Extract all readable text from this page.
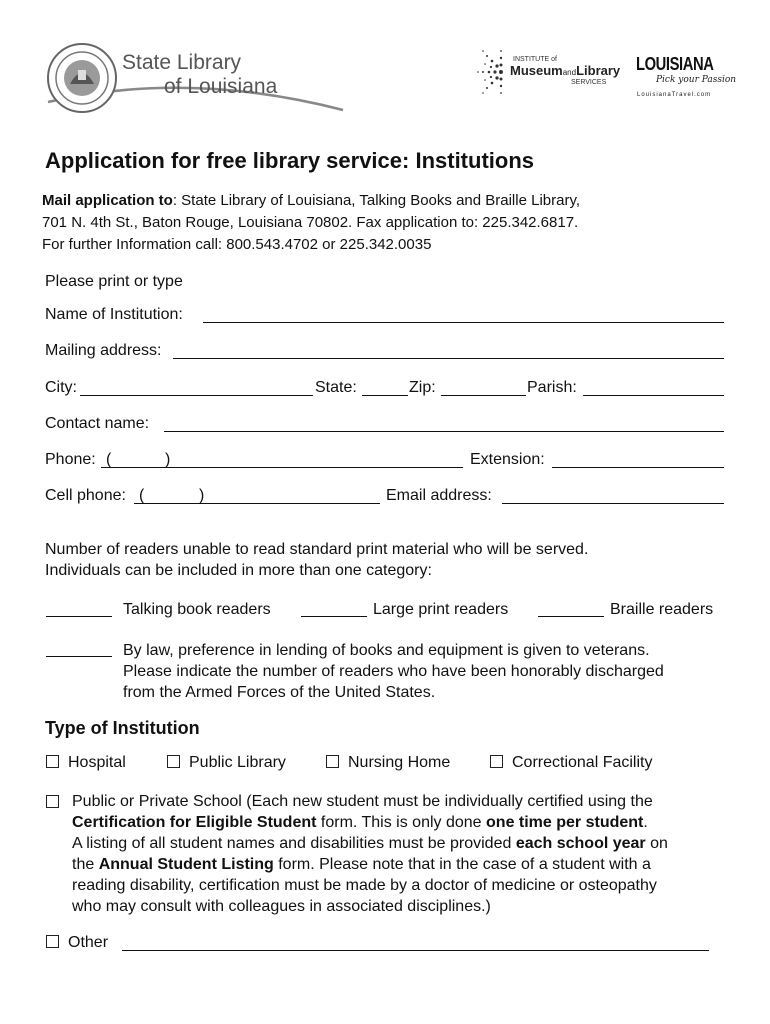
State Library
of Louisiana
INSTITUTE of
MuseumandLibrary
SERVICES
LOUISIANA
Pick your Passion
LouisianaTravel.com
Application for free library service: Institutions
Mail application to: State Library of Louisiana, Talking Books and Braille Library,
701 N. 4th St., Baton Rouge, Louisiana 70802. Fax application to: 225.342.6817.
For further Information call: 800.543.4702 or 225.342.0035
Please print or type
Name of Institution:
Mailing address:
City:	State:	Zip:	Parish:
Contact name:
Phone: (	)	Extension:
Cell phone: (	)	Email address:
Number of readers unable to read standard print material who will be served.
Individuals can be included in more than one category:
Talking book readers	Large print readers	Braille readers
By law, preference in lending of books and equipment is given to veterans.
Please indicate the number of readers who have been honorably discharged
from the Armed Forces of the United States.
Type of Institution
Hospital	Public Library	Nursing Home	Correctional Facility
Public or Private School (Each new student must be individually certified using the
Certification for Eligible Student form. This is only done one time per student.
A listing of all student names and disabilities must be provided each school year on
the Annual Student Listing form. Please note that in the case of a student with a
reading disability, certification must be made by a doctor of medicine or osteopathy
who may consult with colleagues in associated disciplines.)
Other
